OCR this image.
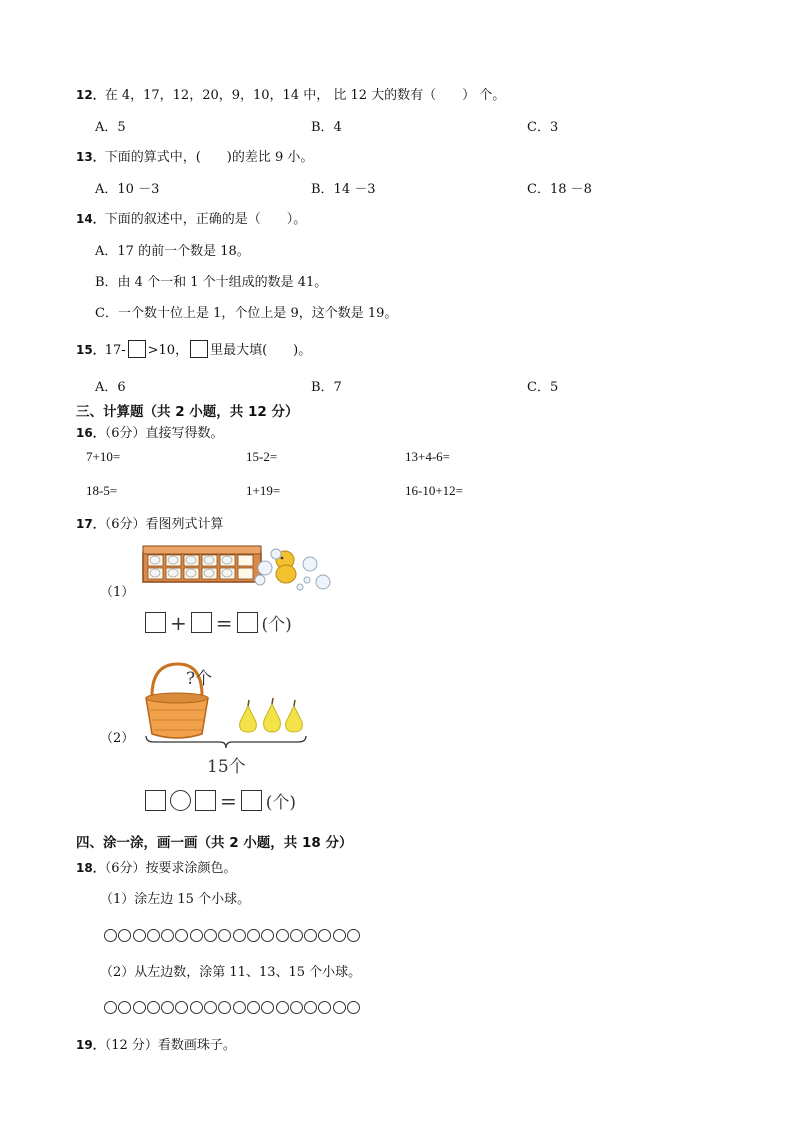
12．在 4，17，12，20，9，10，14 中， 比 12 大的数有（　　） 个。
A．5	B．4	C．3
13．下面的算式中，(　　)的差比 9 小。
A．10 －3	B．14 －3	C．18 －8
14．下面的叙述中，正确的是（　　）。
A．17 的前一个数是 18。
B．由 4 个一和 1 个十组成的数是 41。
C．一个数十位上是 1，个位上是 9，这个数是 19。
15．17- >10， 里最大填(　　)。
A．6	B．7	C．5
三、计算题（共 2 小题，共 12 分）
16．（6分）直接写得数。
7+10=	15-2=	13+4-6=
18-5=	1+19=	16-10+12=
17．（6分）看图列式计算
（1）
+ = (个)
（2）
?个
15个
= (个)
四、涂一涂，画一画（共 2 小题，共 18 分）
18．（6分）按要求涂颜色。
（1）涂左边 15 个小球。
（2）从左边数，涂第 11、13、15 个小球。
19．（12 分）看数画珠子。
